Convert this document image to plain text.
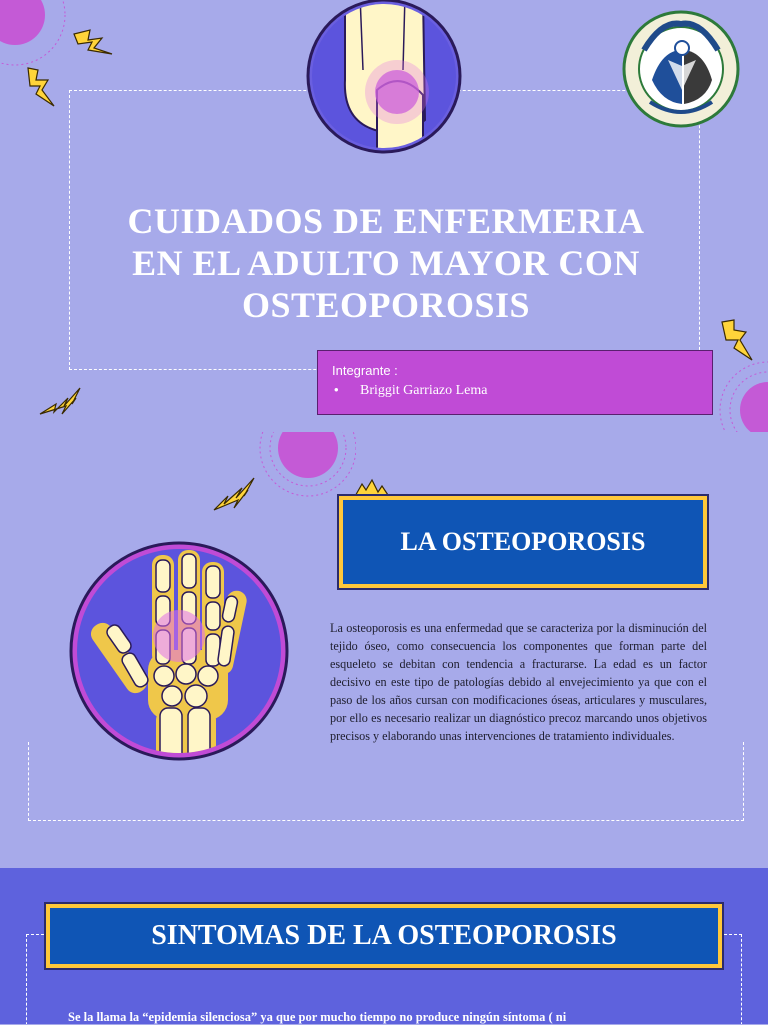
CUIDADOS DE ENFERMERIA
EN EL ADULTO MAYOR CON
OSTEOPOROSIS
Integrante :
• Briggit Garriazo Lema
LA OSTEOPOROSIS
La osteoporosis es una enfermedad que se caracteriza por la disminución del tejido óseo, como consecuencia los componentes que forman parte del esqueleto se debitan con tendencia a fracturarse. La edad es un factor decisivo en este tipo de patologías debido al envejecimiento ya que con el paso de los años cursan con modificaciones óseas, articulares y musculares, por ello es necesario realizar un diagnóstico precoz marcando unos objetivos precisos y elaborando unas intervenciones de tratamiento individuales.
SINTOMAS DE LA OSTEOPOROSIS
Se la llama la “epidemia silenciosa” ya que por mucho tiempo no produce ningún síntoma ( ni
